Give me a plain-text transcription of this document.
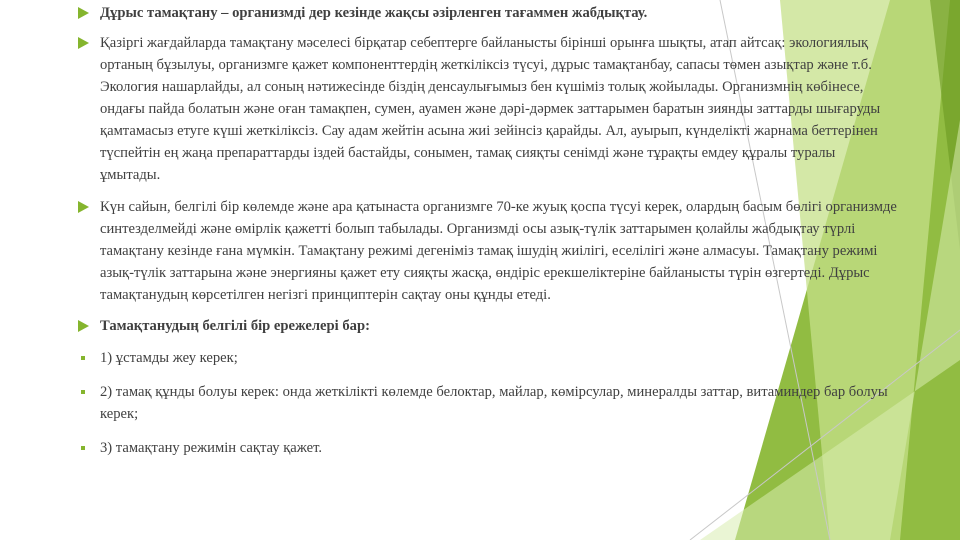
Дұрыс тамақтану – организмді дер кезінде жақсы әзірленген тағаммен жабдықтау.
Қазіргі жағдайларда тамақтану мәселесі бірқатар себептерге байланысты бірінші орынға шықты, атап айтсақ: экологиялық ортаның бұзылуы, организмге қажет компоненттердің жеткіліксіз түсуі, дұрыс тамақтанбау, сапасы төмен азықтар және т.б. Экология нашарлайды, ал соның нәтижесінде біздің денсаулығымыз бен күшіміз толық жойылады. Организмнің көбінесе, ондағы пайда болатын және оған тамақпен, сумен, ауамен және дәрі-дәрмек заттарымен баратын зиянды заттарды шығаруды қамтамасыз етуге күші жеткіліксіз. Сау адам жейтін асына жиі зейінсіз қарайды. Ал, ауырып, күнделікті жарнама беттерінен түспейтін ең жаңа препараттарды іздей бастайды, сонымен, тамақ сияқты сенімді және тұрақты емдеу құралы туралы ұмытады.
Күн сайын, белгілі бір көлемде және ара қатынаста организмге 70-ке жуық қоспа түсуі керек, олардың басым бөлігі организмде синтезделмейді және өмірлік қажетті болып табылады. Организмді осы азық-түлік заттарымен қолайлы жабдықтау түрлі тамақтану кезінде ғана мүмкін. Тамақтану режимі дегеніміз тамақ ішудің жиілігі, еселілігі және алмасуы. Тамақтану режимі азық-түлік заттарына және энергияны қажет ету сияқты жасқа, өндіріс ерекшеліктеріне байланысты түрін өзгертеді. Дұрыс тамақтанудың көрсетілген негізгі принциптерін сақтау оны құнды етеді.
Тамақтанудың белгілі бір ережелері бар:
1) ұстамды жеу керек;
2) тамақ құнды болуы керек: онда жеткілікті көлемде белоктар, майлар, көмірсулар, минералды заттар, витаминдер бар болуы керек;
3) тамақтану режимін сақтау қажет.
